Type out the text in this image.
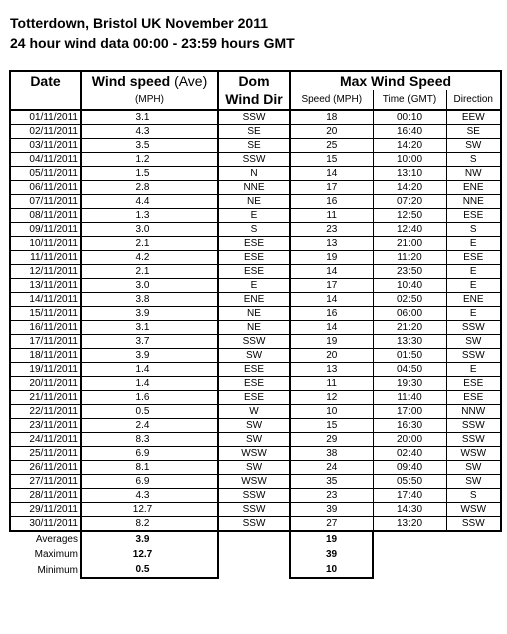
Totterdown, Bristol UK November 2011
24 hour wind data 00:00 - 23:59 hours GMT
Date	Wind speed (Ave)	Dom	Max Wind Speed		
	(MPH)	Wind Dir	Speed (MPH)	Time (GMT)	Direction
01/11/2011	3.1	SSW	18	00:10	EEW
02/11/2011	4.3	SE	20	16:40	SE
03/11/2011	3.5	SE	25	14:20	SW
04/11/2011	1.2	SSW	15	10:00	S
05/11/2011	1.5	N	14	13:10	NW
06/11/2011	2.8	NNE	17	14:20	ENE
07/11/2011	4.4	NE	16	07:20	NNE
08/11/2011	1.3	E	11	12:50	ESE
09/11/2011	3.0	S	23	12:40	S
10/11/2011	2.1	ESE	13	21:00	E
11/11/2011	4.2	ESE	19	11:20	ESE
12/11/2011	2.1	ESE	14	23:50	E
13/11/2011	3.0	E	17	10:40	E
14/11/2011	3.8	ENE	14	02:50	ENE
15/11/2011	3.9	NE	16	06:00	E
16/11/2011	3.1	NE	14	21:20	SSW
17/11/2011	3.7	SSW	19	13:30	SW
18/11/2011	3.9	SW	20	01:50	SSW
19/11/2011	1.4	ESE	13	04:50	E
20/11/2011	1.4	ESE	11	19:30	ESE
21/11/2011	1.6	ESE	12	11:40	ESE
22/11/2011	0.5	W	10	17:00	NNW
23/11/2011	2.4	SW	15	16:30	SSW
24/11/2011	8.3	SW	29	20:00	SSW
25/11/2011	6.9	WSW	38	02:40	WSW
26/11/2011	8.1	SW	24	09:40	SW
27/11/2011	6.9	WSW	35	05:50	SW
28/11/2011	4.3	SSW	23	17:40	S
29/11/2011	12.7	SSW	39	14:30	WSW
30/11/2011	8.2	SSW	27	13:20	SSW
Averages	3.9		19		
Maximum	12.7		39		
Minimum	0.5		10		
